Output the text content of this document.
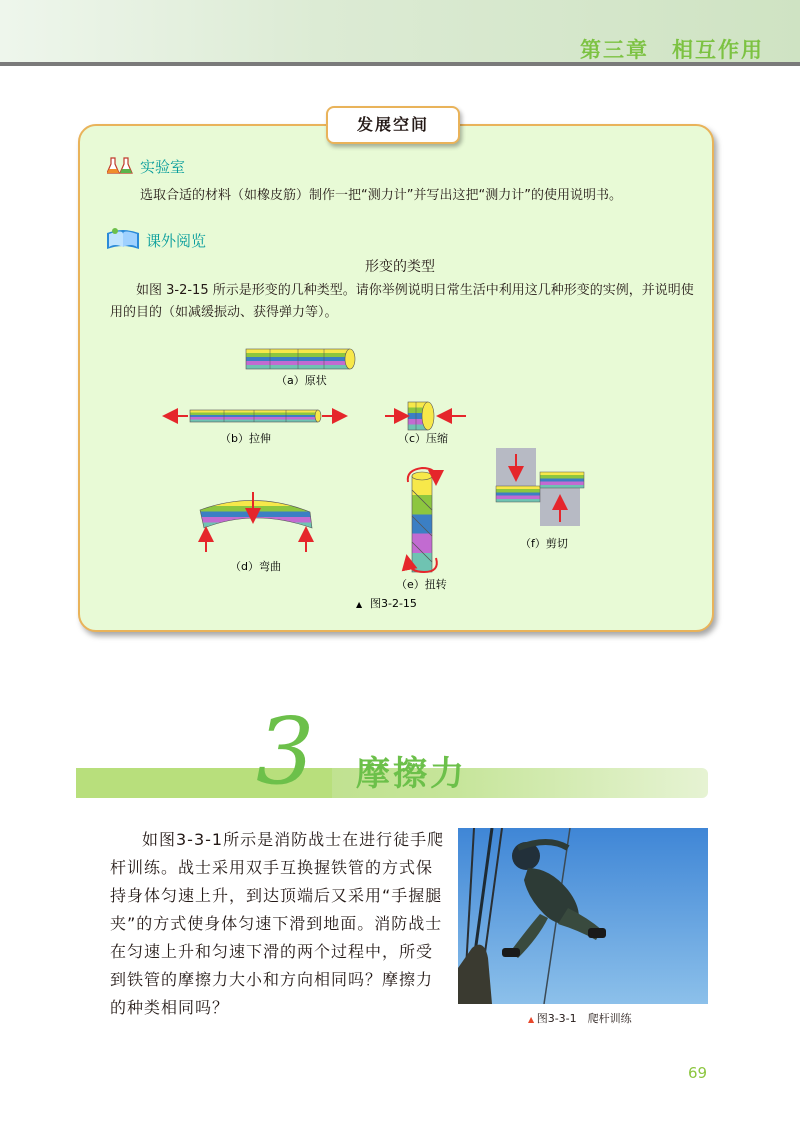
第三章　相互作用
发展空间
实验室
选取合适的材料（如橡皮筋）制作一把“测力计”并写出这把“测力计”的使用说明书。
课外阅览
形变的类型
如图 3-2-15 所示是形变的几种类型。请你举例说明日常生活中利用这几种形变的实例，并说明使用的目的（如减缓振动、获得弹力等）。
（a）原状
（b）拉伸	（c）压缩
（d）弯曲
（e）扭转
（f）剪切
▲ 图3-2-15
3 摩擦力
如图3-3-1所示是消防战士在进行徒手爬杆训练。战士采用双手互换握铁管的方式保持身体匀速上升，到达顶端后又采用“手握腿夹”的方式使身体匀速下滑到地面。消防战士在匀速上升和匀速下滑的两个过程中，所受到铁管的摩擦力大小和方向相同吗？摩擦力的种类相同吗？
▲ 图3-3-1　爬杆训练
69
